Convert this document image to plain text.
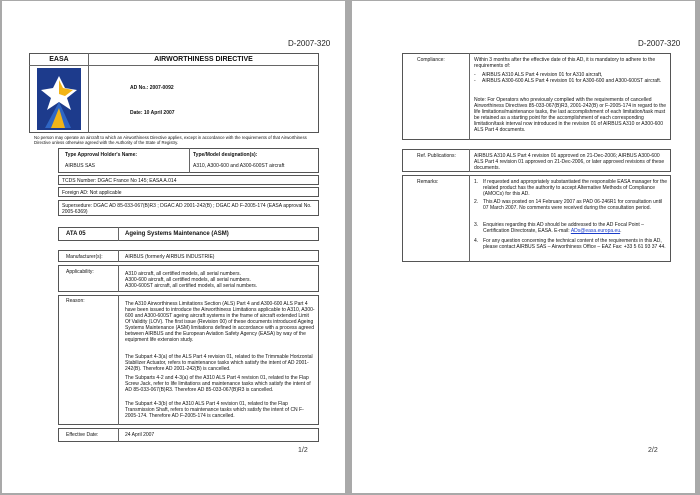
D-2007-320
EASA	AIRWORTHINESS DIRECTIVE
AD No.: 2007-0092
Date: 10 April 2007
No person may operate an aircraft to which an Airworthiness Directive applies, except in accordance with the requirements of that Airworthiness Directive unless otherwise agreed with the Authority of the State of Registry.
Type Approval Holder's Name:
AIRBUS SAS
Type/Model designation(s):
A310, A300-600 and A300-600ST aircraft
TCDS Number: DGAC France No 145; EASA A.014
Foreign AD: Not applicable
Supersedure: DGAC AD 85-033-067(B)R3 ; DGAC AD 2001-242(B) ; DGAC AD F-2005-174 (EASA approval No. 2005-6369)
ATA 05	Ageing Systems Maintenance (ASM)
Manufacturer(s):	AIRBUS (formerly AIRBUS INDUSTRIE)
Applicability:	A310 aircraft, all certified models, all serial numbers.
A300-600 aircraft, all certified models, all serial numbers.
A300-600ST aircraft, all certified models, all serial numbers.
Reason:	The A310 Airworthiness Limitations Section (ALS) Part 4 and A300-600 ALS Part 4 have been issued to introduce the Airworthiness Limitations applicable to A310, A300-600 and A300-600ST ageing aircraft systems in the frame of aircraft extended Limit Of Validity (LOV). The first issue (Revision 00) of these documents introduced Ageing Systems Maintenance (ASM) limitations defined in accordance with a process agreed between AIRBUS and the European Aviation Safety Agency (EASA) by way of the equipment life extension study.
The Subpart 4-3(a) of the ALS Part 4 revision 01, related to the Trimmable Horizontal Stabilizer Actuator, refers to maintenance tasks which satisfy the intent of AD 2001-242(B). Therefore AD 2001-242(B) is cancelled.
The Subparts 4-2 and 4-3(a) of the A310 ALS Part 4 revision 01, related to the Flap Screw Jack, refer to life limitations and maintenance tasks which satisfy the intent of AD 85-033-067(B)R3. Therefore AD 85-033-067(B)R3 is cancelled.
The Subpart 4-3(b) of the A310 ALS Part 4 revision 01, related to the Flap Transmission Shaft, refers to maintenance tasks which satisfy the intent of CN F-2005-174. Therefore AD F-2005-174 is cancelled.
Effective Date:	24 April 2007
1/2
D-2007-320
Compliance:	Within 3 months after the effective date of this AD, it is mandatory to adhere to the requirements of:
- AIRBUS A310 ALS Part 4 revision 01 for A310 aircraft,
- AIRBUS A300-600 ALS Part 4 revision 01 for A300-600 and A300-600ST aircraft.
Note: For Operators who previously complied with the requirements of cancelled Airworthiness Directives 85-033-067(B)R3, 2001-242(B) or F-2005-174 in regard to the life limitations/maintenance tasks, the last accomplishment of each limitation/task must be retained as a starting point for the accomplishment of each corresponding limitation/task interval now introduced in the revision 01 of AIRBUS A310 or A300-600 ALS Part 4 documents.
Ref. Publications:	AIRBUS A310 ALS Part 4 revision 01 approved on 21-Dec-2006; AIRBUS A300-600 ALS Part 4 revision 01 approved on 21-Dec-2006, or later approved revisions of these documents.
Remarks:	1. If requested and appropriately substantiated the responsible EASA manager for the related product has the authority to accept Alternative Methods of Compliance (AMOCs) for this AD.
2. This AD was posted on 14 February 2007 as PAD 06-246R1 for consultation until 07 March 2007. No comments were received during the consultation period.
3. Enquiries regarding this AD should be addressed to the AD Focal Point – Certification Directorate, EASA. E-mail: ADs@easa.europa.eu.
4. For any question concerning the technical content of the requirements in this AD, please contact AIRBUS SAS – Airworthiness Office – EAZ Fax: +33 5 61 93 37 44.
2/2
